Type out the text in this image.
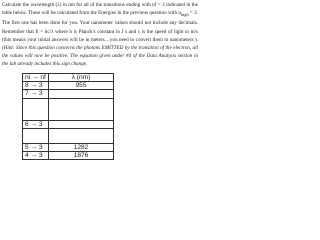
Calculate the wavelength (λ) in nm for all of the transitions ending with nf = 3 indicated in the table below. These will be calculated from the Energies in the previous question with $n_{high} = 3$. The first one has been done for you. Your nanometer values should not include any decimals. Remember that E = hc/λ where h is Planck's constant in J s and c is the speed of light in m/s (this means your initial answers will be in meters…you need to convert them to nanometers ). (Hint: Since this question concerns the photons EMITTED by the transition of the electron, all the values will now be positive. The equation given under #4 of the Data Analysis section in the lab already includes this sign change.

ni → nf	λ (nm)
8 → 3	955
7 → 3	

6 → 3	

5 → 3	1282
4 → 3	1876
